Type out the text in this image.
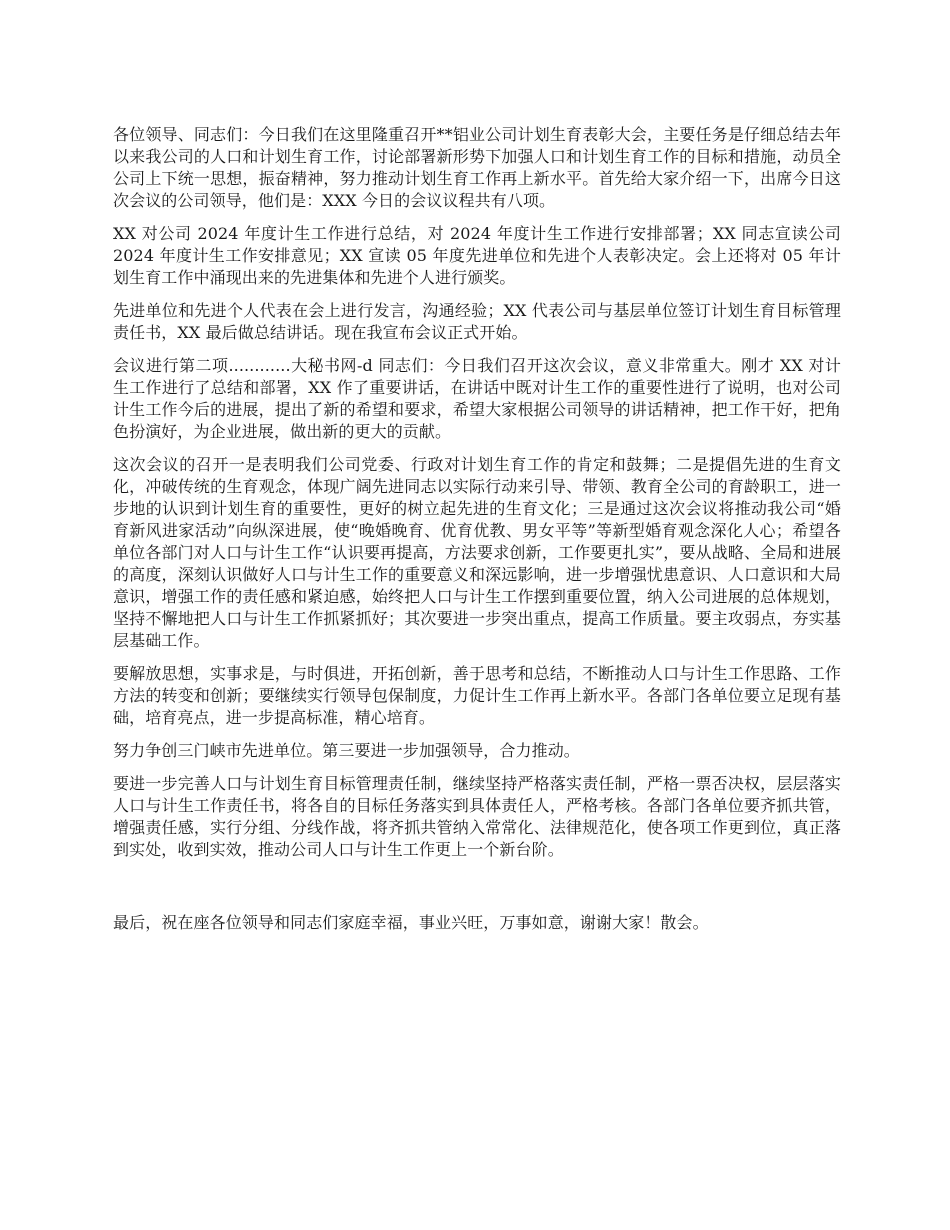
各位领导、同志们：今日我们在这里隆重召开**铝业公司计划生育表彰大会，主要任务是仔细总结去年以来我公司的人口和计划生育工作，讨论部署新形势下加强人口和计划生育工作的目标和措施，动员全公司上下统一思想，振奋精神，努力推动计划生育工作再上新水平。首先给大家介绍一下，出席今日这次会议的公司领导，他们是：XXX 今日的会议议程共有八项。

XX 对公司 2024 年度计生工作进行总结，对 2024 年度计生工作进行安排部署；XX 同志宣读公司 2024 年度计生工作安排意见；XX 宣读 05 年度先进单位和先进个人表彰决定。会上还将对 05 年计划生育工作中涌现出来的先进集体和先进个人进行颁奖。

先进单位和先进个人代表在会上进行发言，沟通经验；XX 代表公司与基层单位签订计划生育目标管理责任书，XX 最后做总结讲话。现在我宣布会议正式开始。

会议进行第二项............大秘书网-d 同志们：今日我们召开这次会议，意义非常重大。刚才 XX 对计生工作进行了总结和部署，XX 作了重要讲话，在讲话中既对计生工作的重要性进行了说明，也对公司计生工作今后的进展，提出了新的希望和要求，希望大家根据公司领导的讲话精神，把工作干好，把角色扮演好，为企业进展，做出新的更大的贡献。

这次会议的召开一是表明我们公司党委、行政对计划生育工作的肯定和鼓舞；二是提倡先进的生育文化，冲破传统的生育观念，体现广阔先进同志以实际行动来引导、带领、教育全公司的育龄职工，进一步地的认识到计划生育的重要性，更好的树立起先进的生育文化；三是通过这次会议将推动我公司“婚育新风进家活动”向纵深进展，使“晚婚晚育、优育优教、男女平等”等新型婚育观念深化人心；希望各单位各部门对人口与计生工作“认识要再提高，方法要求创新，工作要更扎实”，要从战略、全局和进展的高度，深刻认识做好人口与计生工作的重要意义和深远影响，进一步增强忧患意识、人口意识和大局意识，增强工作的责任感和紧迫感，始终把人口与计生工作摆到重要位置，纳入公司进展的总体规划，坚持不懈地把人口与计生工作抓紧抓好；其次要进一步突出重点，提高工作质量。要主攻弱点，夯实基层基础工作。

要解放思想，实事求是，与时俱进，开拓创新，善于思考和总结，不断推动人口与计生工作思路、工作方法的转变和创新；要继续实行领导包保制度，力促计生工作再上新水平。各部门各单位要立足现有基础，培育亮点，进一步提高标准，精心培育。

努力争创三门峡市先进单位。第三要进一步加强领导，合力推动。

要进一步完善人口与计划生育目标管理责任制，继续坚持严格落实责任制，严格一票否决权，层层落实人口与计生工作责任书，将各自的目标任务落实到具体责任人，严格考核。各部门各单位要齐抓共管，增强责任感，实行分组、分线作战，将齐抓共管纳入常常化、法律规范化，使各项工作更到位，真正落到实处，收到实效，推动公司人口与计生工作更上一个新台阶。

最后，祝在座各位领导和同志们家庭幸福，事业兴旺，万事如意，谢谢大家！散会。
